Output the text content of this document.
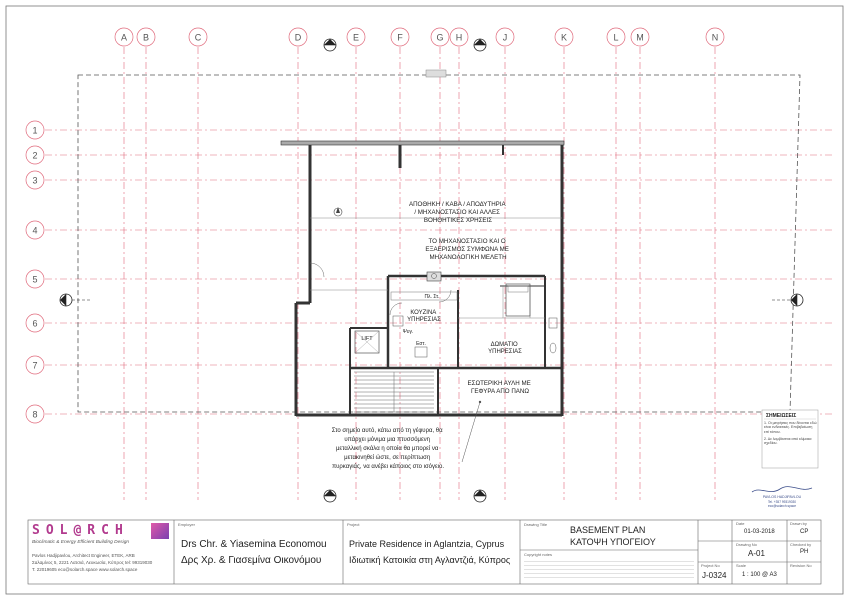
A B	C	D	E	F	G H	J	K	L M	N
1
2
3
4
5
6
7
8
ΑΠΟΘΗΚΗ / ΚΑΒΑ / ΑΠΟΔΥΤΗΡΙΑ / ΜΗΧΑΝΟΣΤΑΣΙΟ ΚΑΙ ΑΛΛΕΣ ΒΟΗΘΗΤΙΚΕΣ ΧΡΗΣΕΙΣ
ΤΟ ΜΗΧΑΝΟΣΤΑΣΙΟ ΚΑΙ Ο ΕΞΑΕΡΙΣΜΟΣ ΣΥΜΦΩΝΑ ΜΕ ΜΗΧΑΝΟΛΟΓΙΚΗ ΜΕΛΕΤΗ
ΚΟΥΖΙΝΑ ΥΠΗΡΕΣΙΑΣ
ΔΩΜΑΤΙΟ ΥΠΗΡΕΣΙΑΣ
ΕΣΩΤΕΡΙΚΗ ΑΥΛΗ ΜΕ ΓΕΦΥΡΑ ΑΠΟ ΠΑΝΩ
LIFT
Πλ. Στ.
Ψυγ.
Εστ.
Στο σημείο αυτό, κάτω από τη γέφυρα, θα υπάρχει μόνιμα μια πτυσσόμενη μεταλλική σκάλα η οποία θα μπορεί να μετακινηθεί ώστε, σε περίπτωση πυρκαγιάς, να ανέβει κάποιος στο ισόγειο.
ΣΗΜΕΙΩΣΕΙΣ
1. Οι μετρήσεις που δίνονται εδώ είναι ενδεικτικές. Επιβεβαίωση επί τόπου.
2. Δε λαμβάνεται από κλίμακα σχεδίου.
PAVLOS HADJIPAVLOU
Tel. +357 99319030
eco@solarch.space
SOL@RCH
Bioclimatic & Energy Efficient Building Design
Pavlos Hadjipavlou, Architect Engineer, ETEK, ARB
Σαλαμίνος 5, 2221 Λατσιά, Λευκωσία, Κύπρος tel: 99319030
T. 22019605 eco@solarch.space www.solarch.space
Employer
Drs Chr. & Yiasemina Economou
Δρς Χρ. & Γιασεμίνα Οικονόμου
Project
Private Residence in Aglantzia, Cyprus
Ιδιωτική Κατοικία στη Αγλαντζιά, Κύπρος
Drawing Title
BASEMENT PLAN
ΚΑΤΟΨΗ ΥΠΟΓΕΙΟΥ
Copyright notes
Date
01-03-2018
Drawn by
CP
Drawing No
A-01
Checked by
PH
Project No
J-0324
Scale
1 : 100 @ A3
Revision No
